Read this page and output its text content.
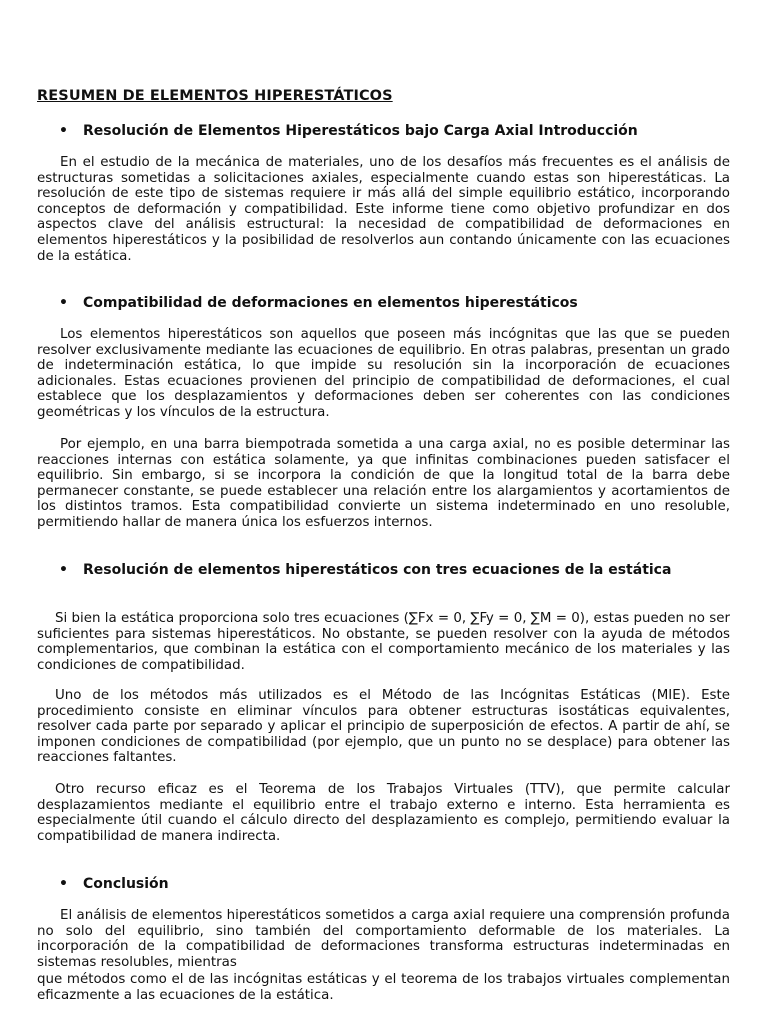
RESUMEN DE ELEMENTOS HIPERESTÁTICOS
• Resolución de Elementos Hiperestáticos bajo Carga Axial Introducción

En el estudio de la mecánica de materiales, uno de los desafíos más frecuentes es el análisis de estructuras sometidas a solicitaciones axiales, especialmente cuando estas son hiperestáticas. La resolución de este tipo de sistemas requiere ir más allá del simple equilibrio estático, incorporando conceptos de deformación y compatibilidad. Este informe tiene como objetivo profundizar en dos aspectos clave del análisis estructural: la necesidad de compatibilidad de deformaciones en elementos hiperestáticos y la posibilidad de resolverlos aun contando únicamente con las ecuaciones de la estática.

• Compatibilidad de deformaciones en elementos hiperestáticos

Los elementos hiperestáticos son aquellos que poseen más incógnitas que las que se pueden resolver exclusivamente mediante las ecuaciones de equilibrio. En otras palabras, presentan un grado de indeterminación estática, lo que impide su resolución sin la incorporación de ecuaciones adicionales. Estas ecuaciones provienen del principio de compatibilidad de deformaciones, el cual establece que los desplazamientos y deformaciones deben ser coherentes con las condiciones geométricas y los vínculos de la estructura.

Por ejemplo, en una barra biempotrada sometida a una carga axial, no es posible determinar las reacciones internas con estática solamente, ya que infinitas combinaciones pueden satisfacer el equilibrio. Sin embargo, si se incorpora la condición de que la longitud total de la barra debe permanecer constante, se puede establecer una relación entre los alargamientos y acortamientos de los distintos tramos. Esta compatibilidad convierte un sistema indeterminado en uno resoluble, permitiendo hallar de manera única los esfuerzos internos.

• Resolución de elementos hiperestáticos con tres ecuaciones de la estática

Si bien la estática proporciona solo tres ecuaciones (∑Fx = 0, ∑Fy = 0, ∑M = 0), estas pueden no ser suficientes para sistemas hiperestáticos. No obstante, se pueden resolver con la ayuda de métodos complementarios, que combinan la estática con el comportamiento mecánico de los materiales y las condiciones de compatibilidad.

Uno de los métodos más utilizados es el Método de las Incógnitas Estáticas (MIE). Este procedimiento consiste en eliminar vínculos para obtener estructuras isostáticas equivalentes, resolver cada parte por separado y aplicar el principio de superposición de efectos. A partir de ahí, se imponen condiciones de compatibilidad (por ejemplo, que un punto no se desplace) para obtener las reacciones faltantes.

Otro recurso eficaz es el Teorema de los Trabajos Virtuales (TTV), que permite calcular desplazamientos mediante el equilibrio entre el trabajo externo e interno. Esta herramienta es especialmente útil cuando el cálculo directo del desplazamiento es complejo, permitiendo evaluar la compatibilidad de manera indirecta.

• Conclusión

El análisis de elementos hiperestáticos sometidos a carga axial requiere una comprensión profunda no solo del equilibrio, sino también del comportamiento deformable de los materiales. La incorporación de la compatibilidad de deformaciones transforma estructuras indeterminadas en sistemas resolubles, mientras

que métodos como el de las incógnitas estáticas y el teorema de los trabajos virtuales complementan eficazmente a las ecuaciones de la estática.
